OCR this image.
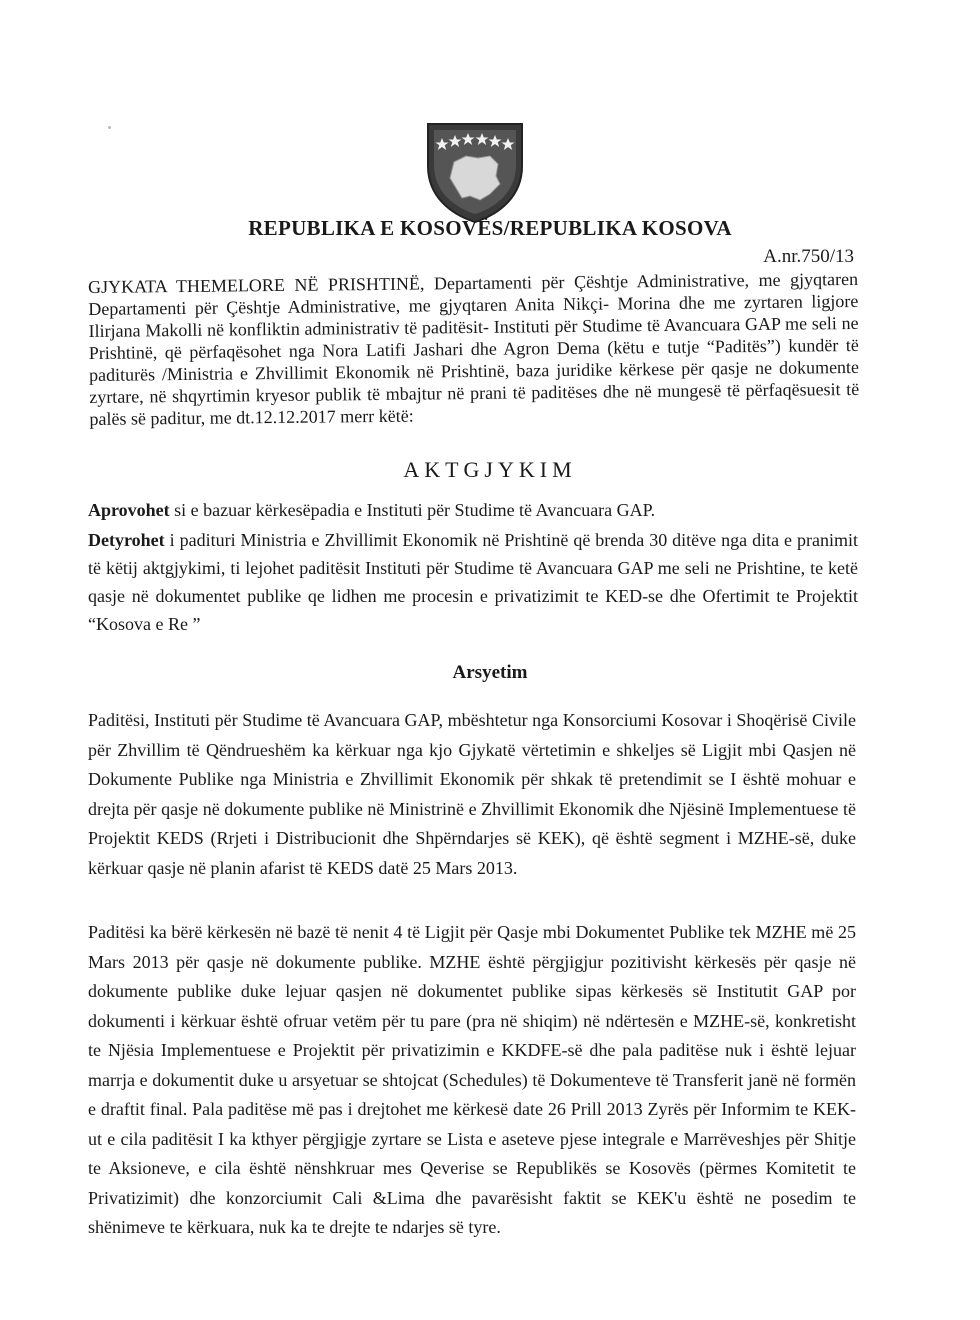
REPUBLIKA E KOSOVËS/REPUBLIKA KOSOVA
A.nr.750/13

GJYKATA THEMELORE NË PRISHTINË, Departamenti për Çështje Administrative, me gjyqtaren Departamenti për Çështje Administrative, me gjyqtaren Anita Nikçi- Morina dhe me zyrtaren ligjore Ilirjana Makolli në konfliktin administrativ të paditësit- Instituti për Studime të Avancuara GAP me seli ne Prishtinë, që përfaqësohet nga Nora Latifi Jashari dhe Agron Dema (këtu e tutje “Paditës”) kundër të paditurës /Ministria e Zhvillimit Ekonomik në Prishtinë, baza juridike kërkese për qasje ne dokumente zyrtare, në shqyrtimin kryesor publik të mbajtur në prani të paditëses dhe në mungesë të përfaqësuesit të palës së paditur, me dt.12.12.2017 merr këtë:

AKTGJYKIM

Aprovohet si e bazuar kërkesëpadia e Instituti për Studime të Avancuara GAP.

Detyrohet i padituri Ministria e Zhvillimit Ekonomik në Prishtinë që brenda 30 ditëve nga dita e pranimit të këtij aktgjykimi, ti lejohet paditësit Instituti për Studime të Avancuara GAP me seli ne Prishtine, te ketë qasje në dokumentet publike qe lidhen me procesin e privatizimit te KED-se dhe Ofertimit te Projektit “Kosova e Re ”

Arsyetim

Paditësi, Instituti për Studime të Avancuara GAP, mbështetur nga Konsorciumi Kosovar i Shoqërisë Civile për Zhvillim të Qëndrueshëm ka kërkuar nga kjo Gjykatë vërtetimin e shkeljes së Ligjit mbi Qasjen në Dokumente Publike nga Ministria e Zhvillimit Ekonomik për shkak të pretendimit se I është mohuar e drejta për qasje në dokumente publike në Ministrinë e Zhvillimit Ekonomik dhe Njësinë Implementuese të Projektit KEDS (Rrjeti i Distribucionit dhe Shpërndarjes së KEK), që është segment i MZHE-së, duke kërkuar qasje në planin afarist të KEDS datë 25 Mars 2013.

Paditësi ka bërë kërkesën në bazë të nenit 4 të Ligjit për Qasje mbi Dokumentet Publike tek MZHE më 25 Mars 2013 për qasje në dokumente publike. MZHE është përgjigjur pozitivisht kërkesës për qasje në dokumente publike duke lejuar qasjen në dokumentet publike sipas kërkesës së Institutit GAP por dokumenti i kërkuar është ofruar vetëm për tu pare (pra në shiqim) në ndërtesën e MZHE-së, konkretisht te Njësia Implementuese e Projektit për privatizimin e KKDFE-së dhe pala paditëse nuk i është lejuar marrja e dokumentit duke u arsyetuar se shtojcat (Schedules) të Dokumenteve të Transferit janë në formën e draftit final. Pala paditëse më pas i drejtohet me kërkesë date 26 Prill 2013 Zyrës për Informim te KEK-ut e cila paditësit I ka kthyer përgjigje zyrtare se Lista e aseteve pjese integrale e Marrëveshjes për Shitje te Aksioneve, e cila është nënshkruar mes Qeverise se Republikës se Kosovës (përmes Komitetit te Privatizimit) dhe konzorciumit Cali &Lima dhe pavarësisht faktit se KEK'u është ne posedim te shënimeve te kërkuara, nuk ka te drejte te ndarjes së tyre.
